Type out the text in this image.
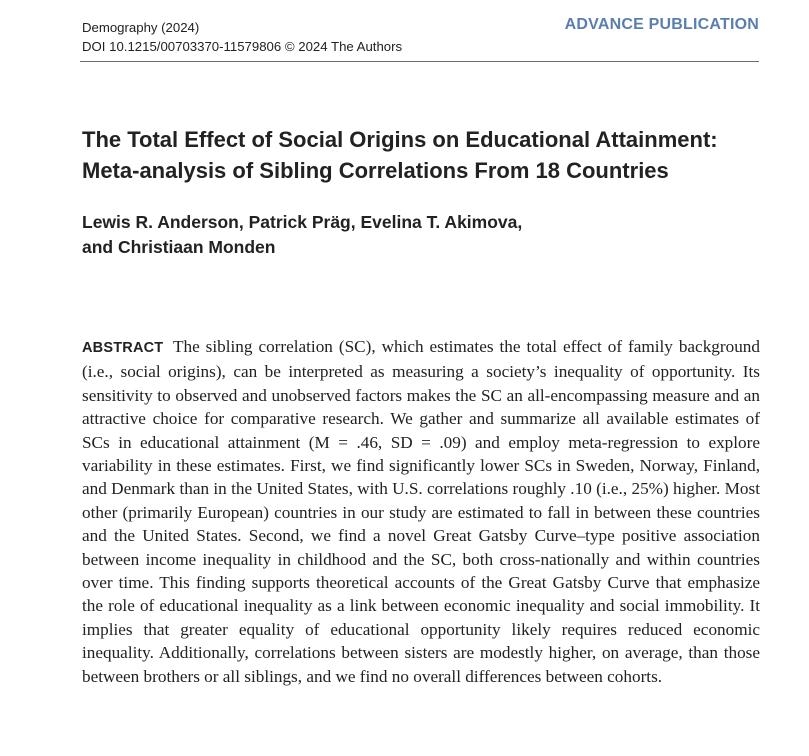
Demography (2024)
DOI 10.1215/00703370-11579806 © 2024 The Authors
ADVANCE PUBLICATION
The Total Effect of Social Origins on Educational Attainment:
Meta-analysis of Sibling Correlations From 18 Countries
Lewis R. Anderson, Patrick Präg, Evelina T. Akimova,
and Christiaan Monden

ABSTRACT The sibling correlation (SC), which estimates the total effect of family background (i.e., social origins), can be interpreted as measuring a society’s inequality of opportunity. Its sensitivity to observed and unobserved factors makes the SC an all-encompassing measure and an attractive choice for comparative research. We gather and summarize all available estimates of SCs in educational attainment (M = .46, SD = .09) and employ meta-regression to explore variability in these estimates. First, we find significantly lower SCs in Sweden, Norway, Finland, and Denmark than in the United States, with U.S. correlations roughly .10 (i.e., 25%) higher. Most other (primarily European) countries in our study are estimated to fall in between these countries and the United States. Second, we find a novel Great Gatsby Curve–type positive association between income inequality in childhood and the SC, both cross-nationally and within countries over time. This finding supports theoretical accounts of the Great Gatsby Curve that emphasize the role of educational inequality as a link between economic inequality and social immobility. It implies that greater equality of educational opportunity likely requires reduced economic inequality. Additionally, correlations between sisters are modestly higher, on average, than those between brothers or all siblings, and we find no overall differences between cohorts.
